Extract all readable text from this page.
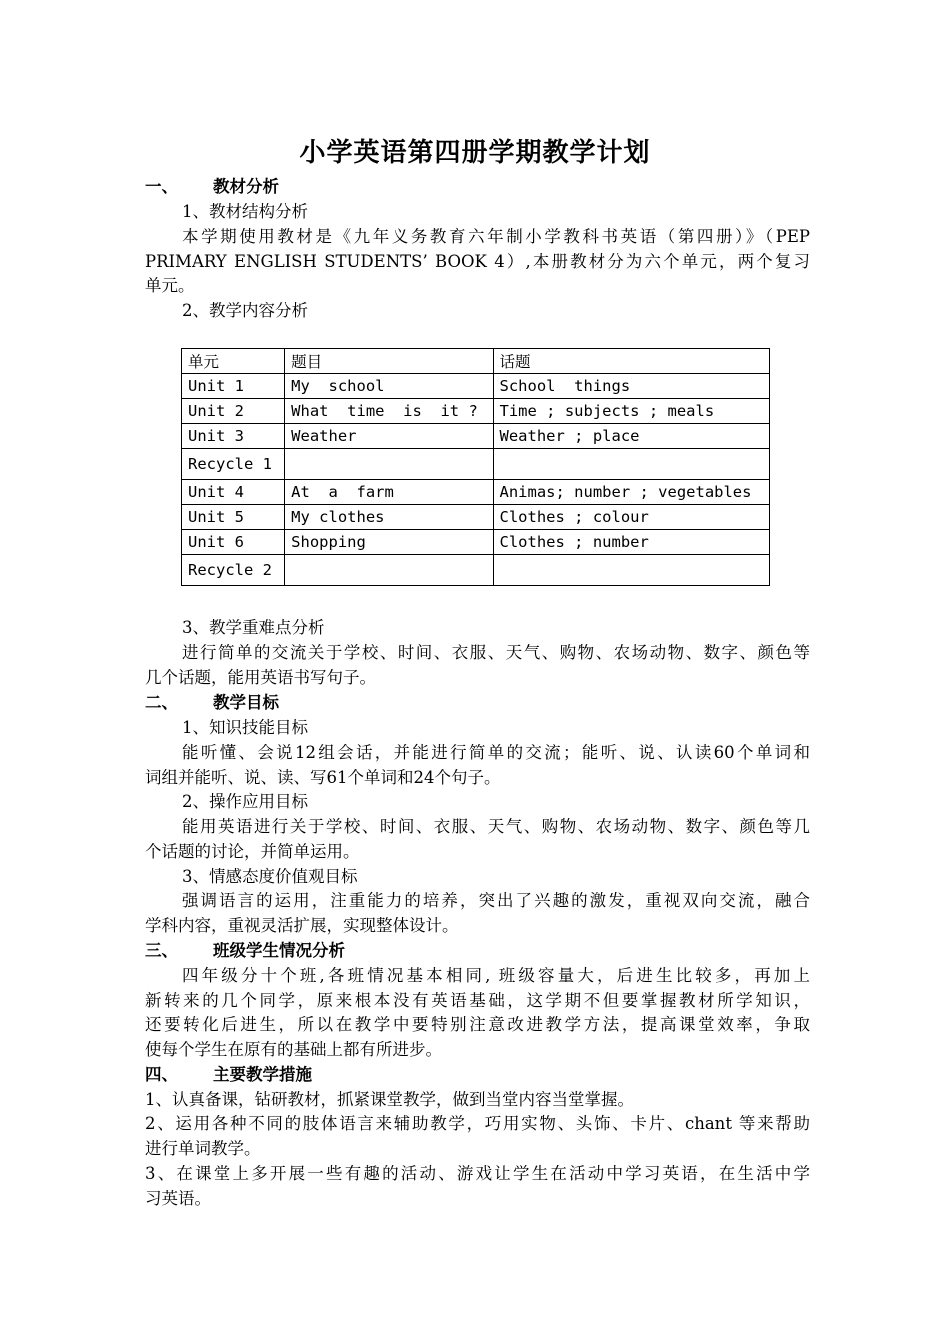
小学英语第四册学期教学计划
一、 教材分析
1、教材结构分析
本学期使用教材是《九年义务教育六年制小学教科书英语（第四册）》（PEP
PRIMARY ENGLISH STUDENTS’ BOOK 4）,本册教材分为六个单元，两个复习
单元。
2、教学内容分析
单元	题目	话题
Unit 1	My  school	School  things
Unit 2	What  time  is  it ?	Time ; subjects ; meals
Unit 3	Weather	Weather ; place
Recycle 1		
Unit 4	At  a  farm	Animas; number ; vegetables
Unit 5	My clothes	Clothes ; colour
Unit 6	Shopping	Clothes ; number
Recycle 2		
3、教学重难点分析
进行简单的交流关于学校、时间、衣服、天气、购物、农场动物、数字、颜色等
几个话题，能用英语书写句子。
二、 教学目标
1、知识技能目标
能听懂、会说12组会话，并能进行简单的交流；能听、说、认读60个单词和
词组并能听、说、读、写61个单词和24个句子。
2、操作应用目标
能用英语进行关于学校、时间、衣服、天气、购物、农场动物、数字、颜色等几
个话题的讨论，并简单运用。
3、情感态度价值观目标
强调语言的运用，注重能力的培养，突出了兴趣的激发，重视双向交流，融合
学科内容，重视灵活扩展，实现整体设计。
三、 班级学生情况分析
四年级分十个班,各班情况基本相同, 班级容量大，后进生比较多，再加上
新转来的几个同学，原来根本没有英语基础，这学期不但要掌握教材所学知识，
还要转化后进生，所以在教学中要特别注意改进教学方法，提高课堂效率，争取
使每个学生在原有的基础上都有所进步。
四、 主要教学措施
1、认真备课，钻研教材，抓紧课堂教学，做到当堂内容当堂掌握。
2、运用各种不同的肢体语言来辅助教学，巧用实物、头饰、卡片、chant 等来帮助
进行单词教学。
3、在课堂上多开展一些有趣的活动、游戏让学生在活动中学习英语，在生活中学
习英语。
